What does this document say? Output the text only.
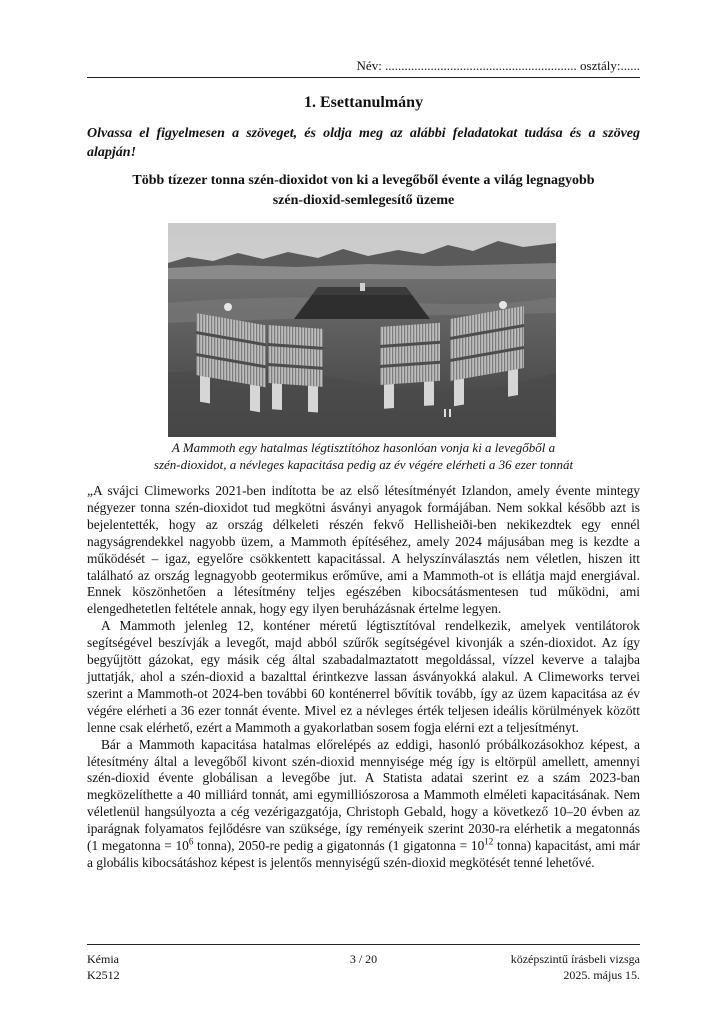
Név: ........................................................... osztály:......
1. Esettanulmány
Olvassa el figyelmesen a szöveget, és oldja meg az alábbi feladatokat tudása és a szöveg alapján!
Több tízezer tonna szén-dioxidot von ki a levegőből évente a világ legnagyobb
szén-dioxid-semlegesítő üzeme
A Mammoth egy hatalmas légtisztítóhoz hasonlóan vonja ki a levegőből a
szén-dioxidot, a névleges kapacitása pedig az év végére elérheti a 36 ezer tonnát

„A svájci Climeworks 2021-ben indította be az első létesítményét Izlandon, amely évente mintegy négyezer tonna szén-dioxidot tud megkötni ásványi anyagok formájában. Nem sokkal később azt is bejelentették, hogy az ország délkeleti részén fekvő Hellisheiði-ben nekikezdtek egy ennél nagyságrendekkel nagyobb üzem, a Mammoth építéséhez, amely 2024 májusában meg is kezdte a működését – igaz, egyelőre csökkentett kapacitással. A helyszínválasztás nem véletlen, hiszen itt található az ország legnagyobb geotermikus erőműve, ami a Mammoth-ot is ellátja majd energiával. Ennek köszönhetően a létesítmény teljes egészében kibocsátásmentesen tud működni, ami elengedhetetlen feltétele annak, hogy egy ilyen beruházásnak értelme legyen.

A Mammoth jelenleg 12, konténer méretű légtisztítóval rendelkezik, amelyek ventilátorok segítségével beszívják a levegőt, majd abból szűrők segítségével kivonják a szén-dioxidot. Az így begyűjtött gázokat, egy másik cég által szabadalmaztatott megoldással, vízzel keverve a talajba juttatják, ahol a szén-dioxid a bazalttal érintkezve lassan ásványokká alakul. A Climeworks tervei szerint a Mammoth-ot 2024-ben további 60 konténerrel bővítik tovább, így az üzem kapacitása az év végére elérheti a 36 ezer tonnát évente. Mivel ez a névleges érték teljesen ideális körülmények között lenne csak elérhető, ezért a Mammoth a gyakorlatban sosem fogja elérni ezt a teljesítményt.

Bár a Mammoth kapacitása hatalmas előrelépés az eddigi, hasonló próbálkozásokhoz képest, a létesítmény által a levegőből kivont szén-dioxid mennyisége még így is eltörpül amellett, amennyi szén-dioxid évente globálisan a levegőbe jut. A Statista adatai szerint ez a szám 2023-ban megközelíthette a 40 milliárd tonnát, ami egymilliószorosa a Mammoth elméleti kapacitásának. Nem véletlenül hangsúlyozta a cég vezérigazgatója, Christoph Gebald, hogy a következő 10–20 évben az iparágnak folyamatos fejlődésre van szüksége, így reményeik szerint 2030-ra elérhetik a megatonnás (1 megatonna = $10^6$ tonna), 2050-re pedig a gigatonnás (1 gigatonna = $10^{12}$ tonna) kapacitást, ami már a globális kibocsátáshoz képest is jelentős mennyiségű szén-dioxid megkötését tenné lehetővé.

Kémia
K2512
3 / 20	középszintű írásbeli vizsga
2025. május 15.
